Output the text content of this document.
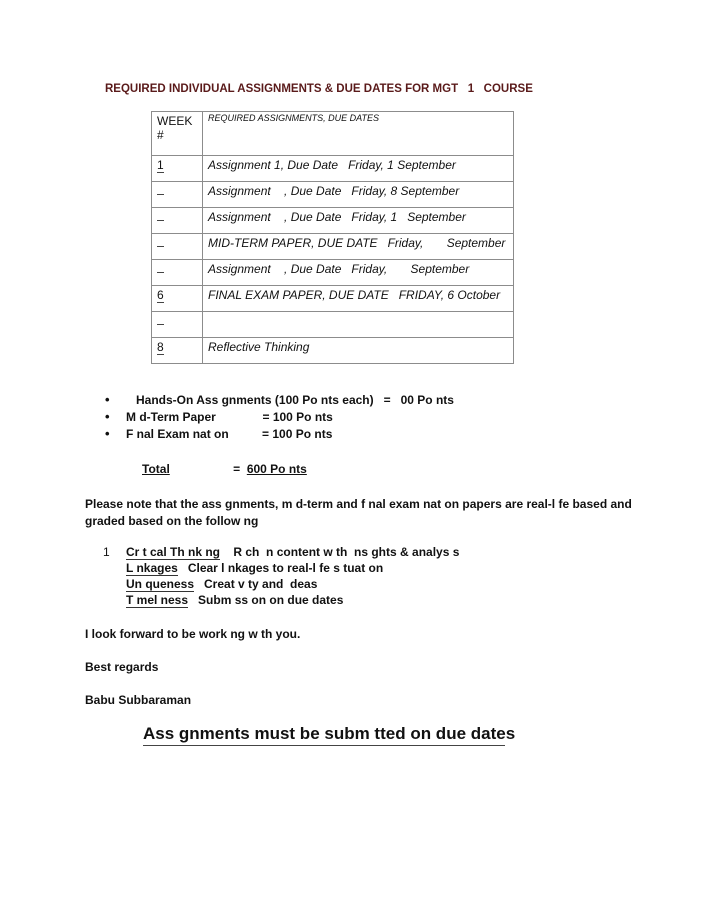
REQUIRED INDIVIDUAL ASSIGNMENTS & DUE DATES FOR MGT   1   COURSE
WEEK
#	REQUIRED ASSIGNMENTS, DUE DATES
1	Assignment 1, Due Date   Friday, 1 September
	Assignment    , Due Date   Friday, 8 September
	Assignment    , Due Date   Friday, 1   September
	MID-TERM PAPER, DUE DATE   Friday,       September
	Assignment    , Due Date   Friday,       September
6	FINAL EXAM PAPER, DUE DATE   FRIDAY, 6 October

8	Reflective Thinking

•

Hands-On Ass gnments (100 Po nts each)   =   00 Po nts

•

M d-Term Paper              = 100 Po nts

•

F nal Exam nat on          = 100 Po nts

Total                   =  600 Po nts
Please note that the ass gnments, m d-term and f nal exam nat on papers are real-l fe based and graded based on the follow ng

1

Cr t cal Th nk ng    R ch  n content w th  ns ghts & analys s

L nkages   Clear l nkages to real-l fe s tuat on

Un queness   Creat v ty and  deas

T mel ness   Subm ss on on due dates

I look forward to be work ng w th you.
Best regards
Babu Subbaraman
Ass gnments must be subm tted on due dates
